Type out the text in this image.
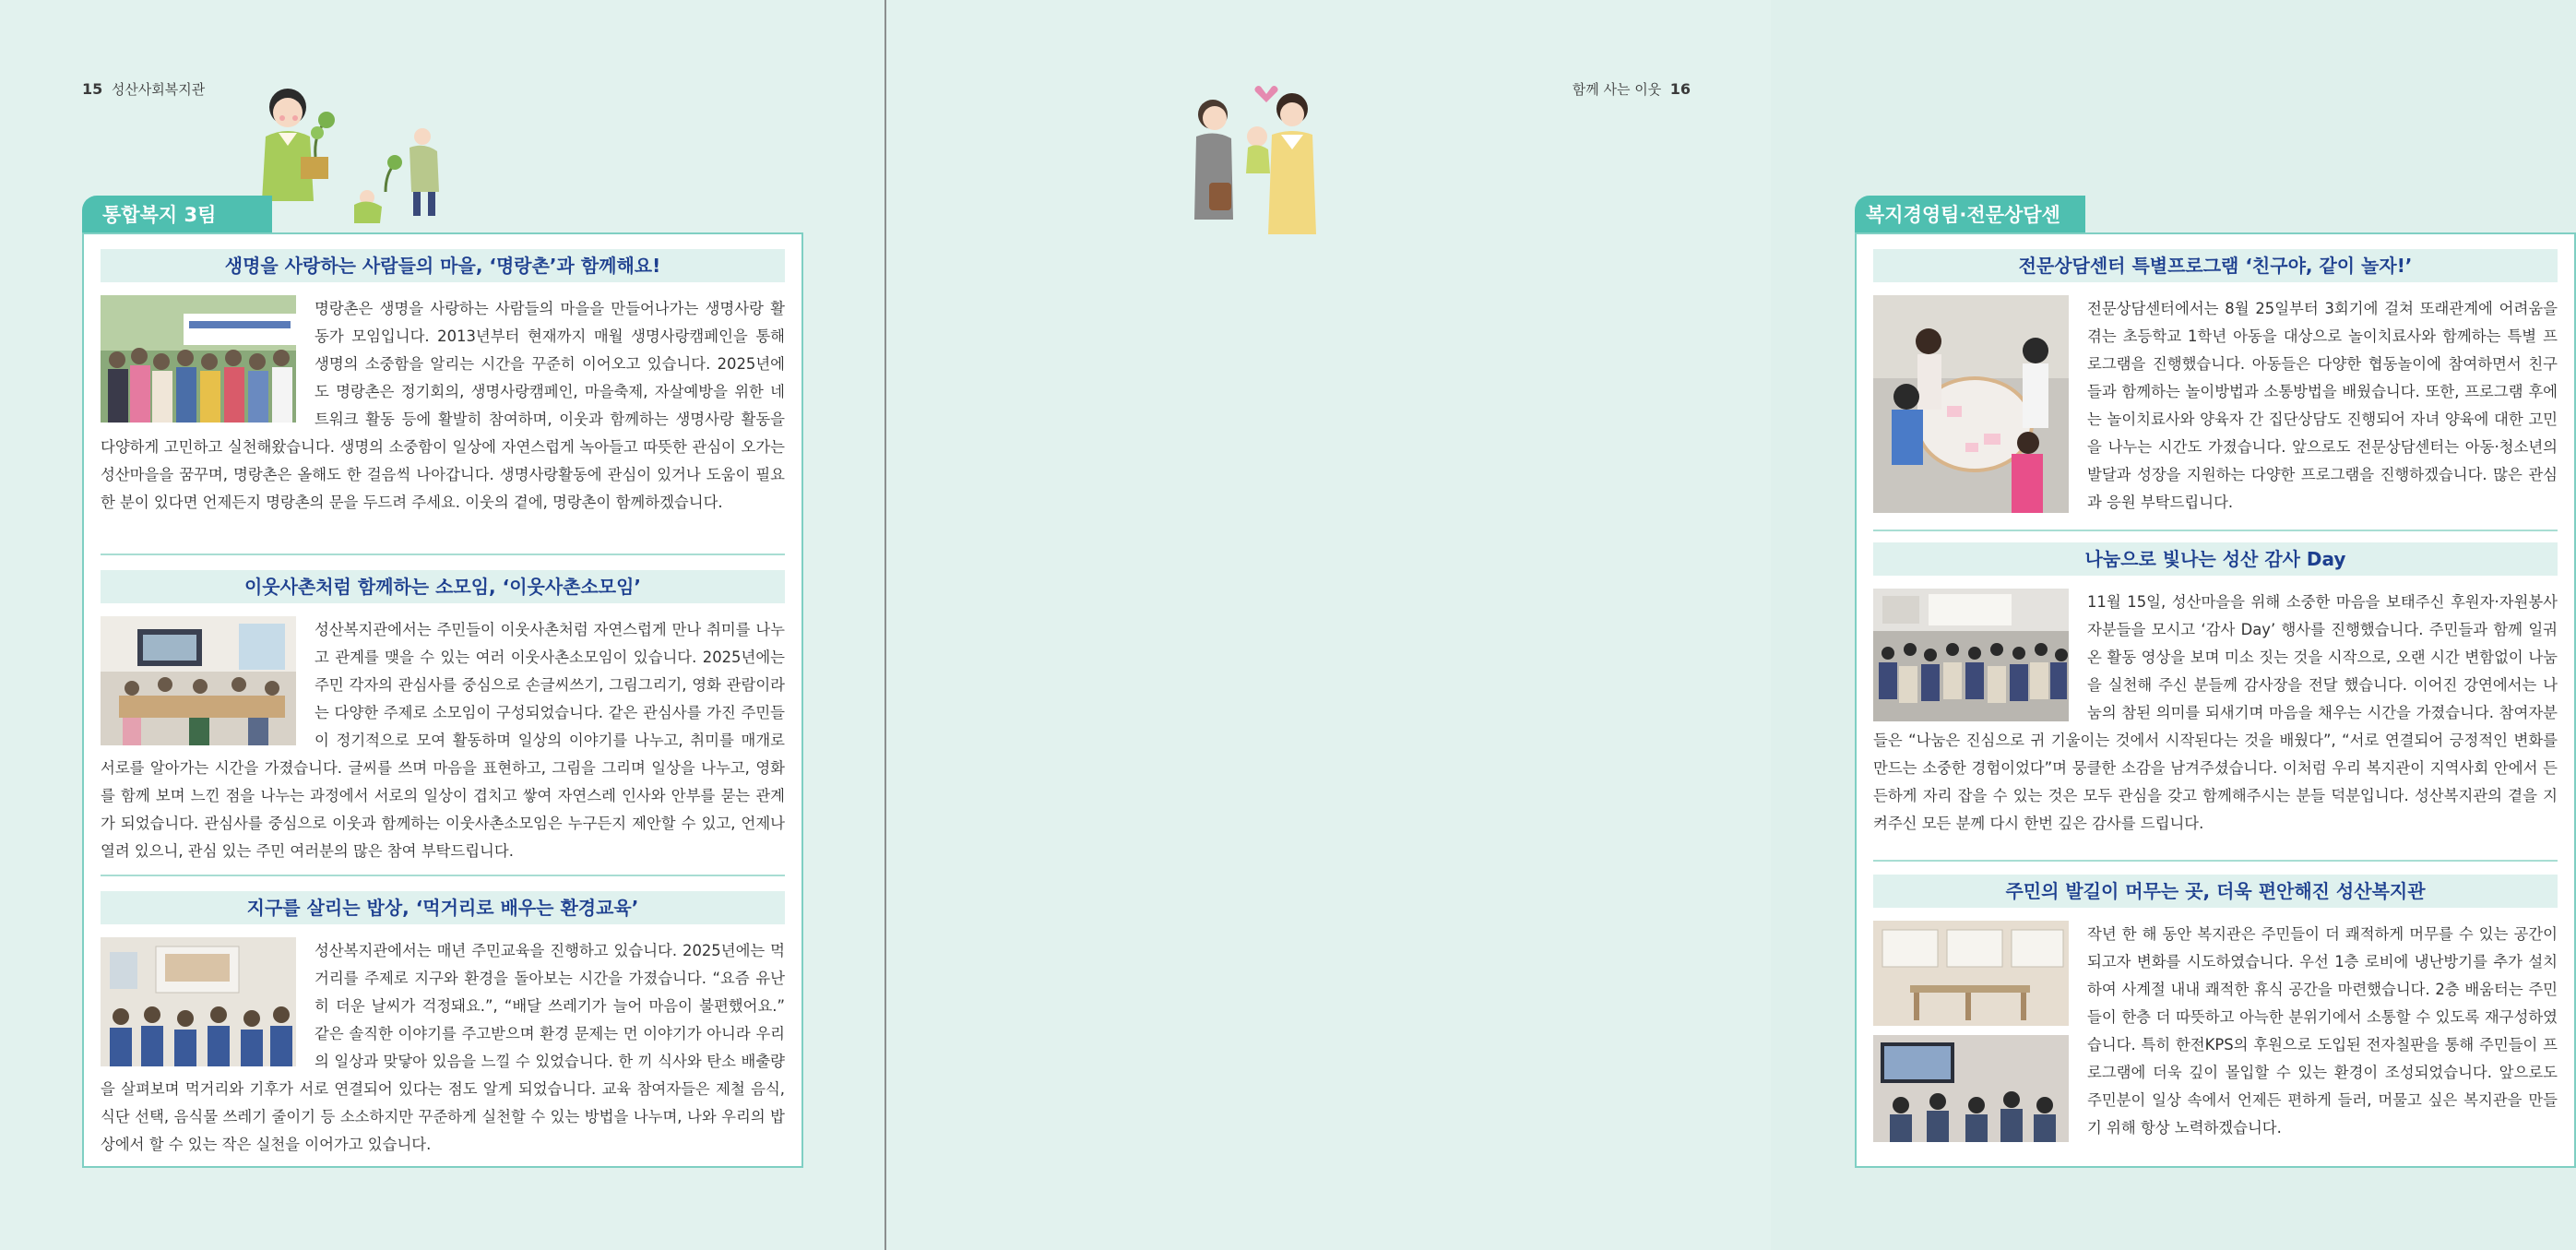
15 성산사회복지관
통합복지 3팀
생명을 사랑하는 사람들의 마을, ‘명랑촌’과 함께해요!
명랑촌은 생명을 사랑하는 사람들의 마을을 만들어나가는 생명사랑 활동가 모임입니다. 2013년부터 현재까지 매월 생명사랑캠페인을 통해 생명의 소중함을 알리는 시간을 꾸준히 이어오고 있습니다. 2025년에도 명랑촌은 정기회의, 생명사랑캠페인, 마을축제, 자살예방을 위한 네트워크 활동 등에 활발히 참여하며, 이웃과 함께하는 생명사랑 활동을 다양하게 고민하고 실천해왔습니다. 생명의 소중함이 일상에 자연스럽게 녹아들고 따뜻한 관심이 오가는 성산마을을 꿈꾸며, 명랑촌은 올해도 한 걸음씩 나아갑니다. 생명사랑활동에 관심이 있거나 도움이 필요한 분이 있다면 언제든지 명랑촌의 문을 두드려 주세요. 이웃의 곁에, 명랑촌이 함께하겠습니다.
이웃사촌처럼 함께하는 소모임, ‘이웃사촌소모임’
성산복지관에서는 주민들이 이웃사촌처럼 자연스럽게 만나 취미를 나누고 관계를 맺을 수 있는 여러 이웃사촌소모임이 있습니다. 2025년에는 주민 각자의 관심사를 중심으로 손글씨쓰기, 그림그리기, 영화 관람이라는 다양한 주제로 소모임이 구성되었습니다. 같은 관심사를 가진 주민들이 정기적으로 모여 활동하며 일상의 이야기를 나누고, 취미를 매개로 서로를 알아가는 시간을 가졌습니다. 글씨를 쓰며 마음을 표현하고, 그림을 그리며 일상을 나누고, 영화를 함께 보며 느낀 점을 나누는 과정에서 서로의 일상이 겹치고 쌓여 자연스레 인사와 안부를 묻는 관계가 되었습니다. 관심사를 중심으로 이웃과 함께하는 이웃사촌소모임은 누구든지 제안할 수 있고, 언제나 열려 있으니, 관심 있는 주민 여러분의 많은 참여 부탁드립니다.
지구를 살리는 밥상, ‘먹거리로 배우는 환경교육’
성산복지관에서는 매년 주민교육을 진행하고 있습니다. 2025년에는 먹거리를 주제로 지구와 환경을 돌아보는 시간을 가졌습니다. “요즘 유난히 더운 날씨가 걱정돼요.”, “배달 쓰레기가 늘어 마음이 불편했어요.” 같은 솔직한 이야기를 주고받으며 환경 문제는 먼 이야기가 아니라 우리의 일상과 맞닿아 있음을 느낄 수 있었습니다. 한 끼 식사와 탄소 배출량을 살펴보며 먹거리와 기후가 서로 연결되어 있다는 점도 알게 되었습니다. 교육 참여자들은 제철 음식, 식단 선택, 음식물 쓰레기 줄이기 등 소소하지만 꾸준하게 실천할 수 있는 방법을 나누며, 나와 우리의 밥상에서 할 수 있는 작은 실천을 이어가고 있습니다.
함께 사는 이웃 16
복지경영팀·전문상담센
전문상담센터 특별프로그램 ‘친구야, 같이 놀자!’
전문상담센터에서는 8월 25일부터 3회기에 걸쳐 또래관계에 어려움을 겪는 초등학교 1학년 아동을 대상으로 놀이치료사와 함께하는 특별 프로그램을 진행했습니다. 아동들은 다양한 협동놀이에 참여하면서 친구들과 함께하는 놀이방법과 소통방법을 배웠습니다. 또한, 프로그램 후에는 놀이치료사와 양육자 간 집단상담도 진행되어 자녀 양육에 대한 고민을 나누는 시간도 가졌습니다. 앞으로도 전문상담센터는 아동·청소년의 발달과 성장을 지원하는 다양한 프로그램을 진행하겠습니다. 많은 관심과 응원 부탁드립니다.
나눔으로 빛나는 성산 감사 Day
11월 15일, 성산마을을 위해 소중한 마음을 보태주신 후원자·자원봉사자분들을 모시고 ‘감사 Day’ 행사를 진행했습니다. 주민들과 함께 일궈온 활동 영상을 보며 미소 짓는 것을 시작으로, 오랜 시간 변함없이 나눔을 실천해 주신 분들께 감사장을 전달 했습니다. 이어진 강연에서는 나눔의 참된 의미를 되새기며 마음을 채우는 시간을 가졌습니다. 참여자분들은 “나눔은 진심으로 귀 기울이는 것에서 시작된다는 것을 배웠다”, “서로 연결되어 긍정적인 변화를 만드는 소중한 경험이었다”며 뭉클한 소감을 남겨주셨습니다. 이처럼 우리 복지관이 지역사회 안에서 든든하게 자리 잡을 수 있는 것은 모두 관심을 갖고 함께해주시는 분들 덕분입니다. 성산복지관의 곁을 지켜주신 모든 분께 다시 한번 깊은 감사를 드립니다.
주민의 발길이 머무는 곳, 더욱 편안해진 성산복지관
작년 한 해 동안 복지관은 주민들이 더 쾌적하게 머무를 수 있는 공간이 되고자 변화를 시도하였습니다. 우선 1층 로비에 냉난방기를 추가 설치하여 사계절 내내 쾌적한 휴식 공간을 마련했습니다. 2층 배움터는 주민들이 한층 더 따뜻하고 아늑한 분위기에서 소통할 수 있도록 재구성하였습니다. 특히 한전KPS의 후원으로 도입된 전자칠판을 통해 주민들이 프로그램에 더욱 깊이 몰입할 수 있는 환경이 조성되었습니다. 앞으로도 주민분이 일상 속에서 언제든 편하게 들러, 머물고 싶은 복지관을 만들기 위해 항상 노력하겠습니다.
